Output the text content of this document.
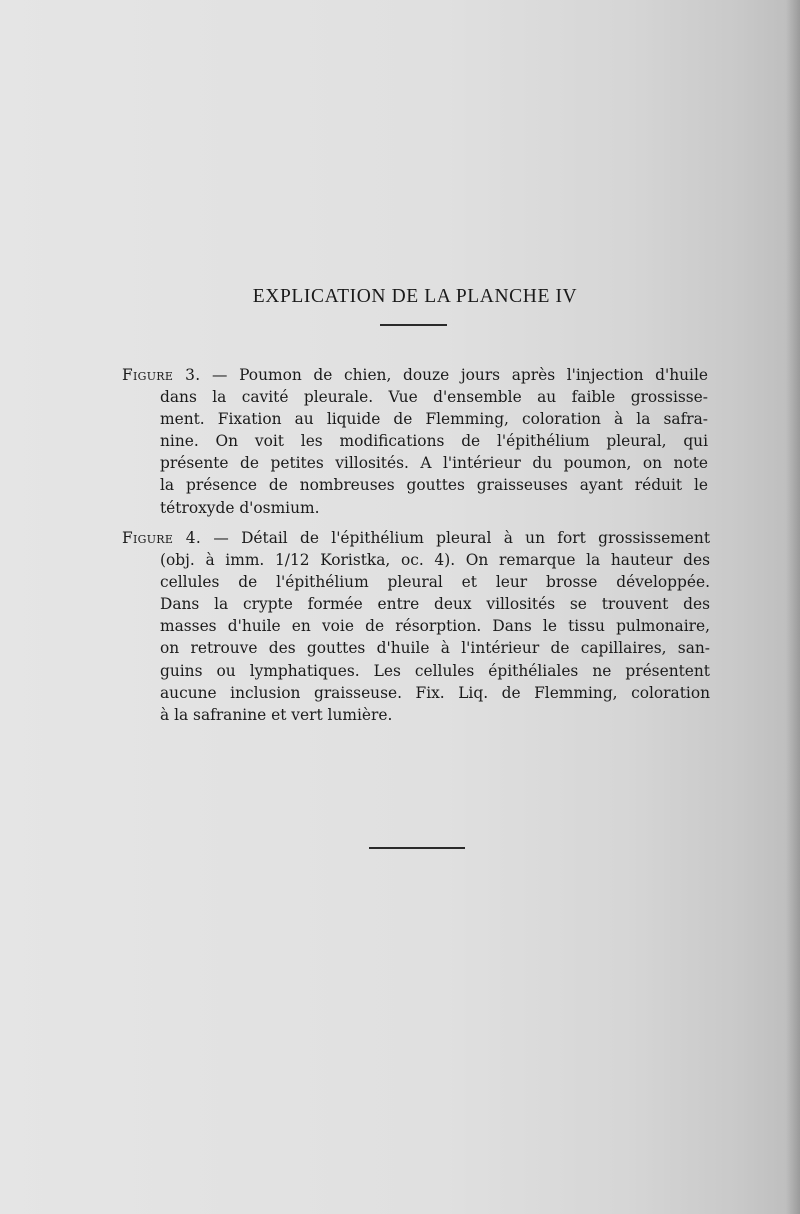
EXPLICATION DE LA PLANCHE IV
Figure 3. — Poumon de chien, douze jours après l'injection d'huile
dans la cavité pleurale. Vue d'ensemble au faible grossisse-
ment. Fixation au liquide de Flemming, coloration à la safra-
nine. On voit les modifications de l'épithélium pleural, qui
présente de petites villosités. A l'intérieur du poumon, on note
la présence de nombreuses gouttes graisseuses ayant réduit le
tétroxyde d'osmium.
Figure 4. — Détail de l'épithélium pleural à un fort grossissement
(obj. à imm. 1/12 Koristka, oc. 4). On remarque la hauteur des
cellules de l'épithélium pleural et leur brosse développée.
Dans la crypte formée entre deux villosités se trouvent des
masses d'huile en voie de résorption. Dans le tissu pulmonaire,
on retrouve des gouttes d'huile à l'intérieur de capillaires, san-
guins ou lymphatiques. Les cellules épithéliales ne présentent
aucune inclusion graisseuse. Fix. Liq. de Flemming, coloration
à la safranine et vert lumière.
